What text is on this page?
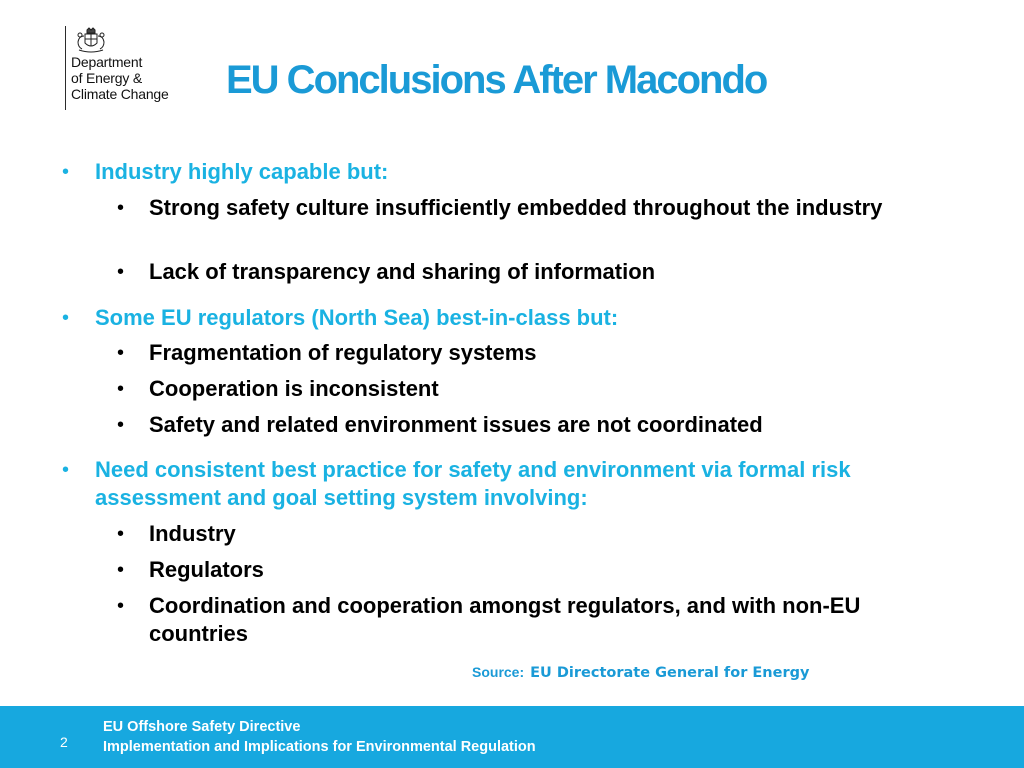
Department
of Energy &
Climate Change EU Conclusions After Macondo
• Industry highly capable but:
• Strong safety culture insufficiently embedded throughout the industry
• Lack of transparency and sharing of information
• Some EU regulators (North Sea) best-in-class but:
• Fragmentation of regulatory systems
• Cooperation is inconsistent
• Safety and related environment issues are not coordinated
• Need consistent best practice for safety and environment via formal risk assessment and goal setting system involving:
• Industry
• Regulators
• Coordination and cooperation amongst regulators, and with non-EU countries
Source: EU Directorate General for Energy
2
EU Offshore Safety Directive
Implementation and Implications for Environmental Regulation
